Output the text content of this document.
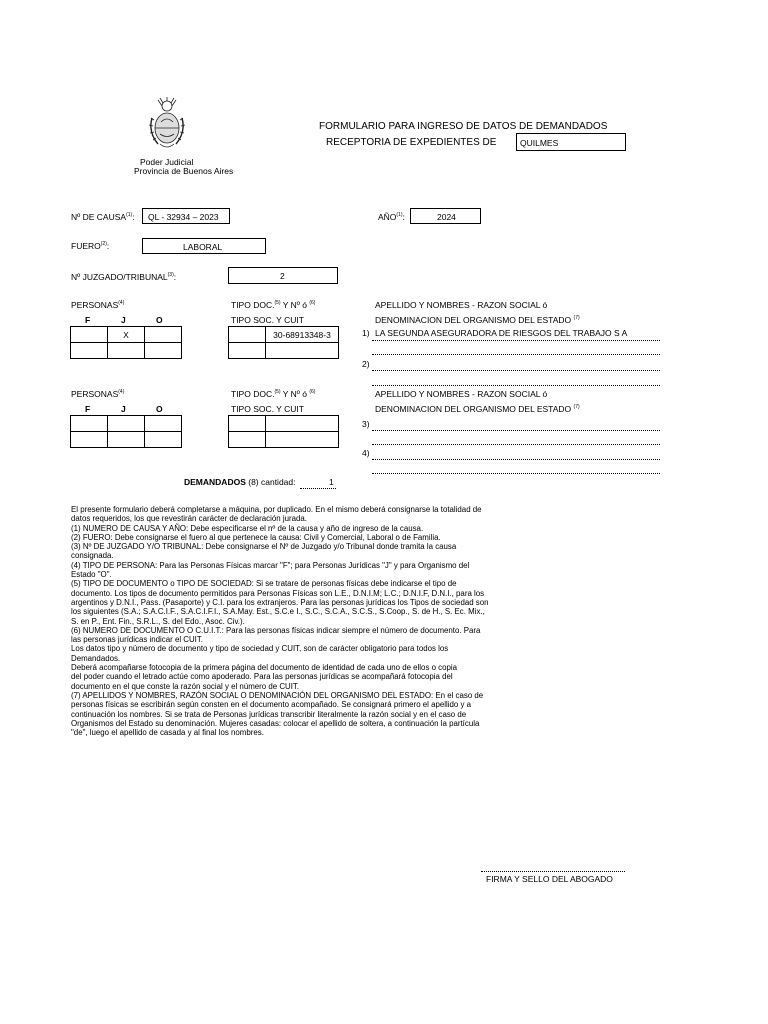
Poder Judicial
Provincia de Buenos Aires
FORMULARIO PARA INGRESO DE DATOS DE DEMANDADOS
RECEPTORIA DE EXPEDIENTES DE	QUILMES
Nº DE CAUSA$^{(1)}$: QL - 32934 – 2023	AÑO$^{(1)}$:	2024
FUERO$^{(2)}$:	LABORAL
Nº JUZGADO/TRIBUNAL$^{(3)}$:	2
PERSONAS$^{(4)}$
F	J	O
	X	

TIPO DOC.$^{(5)}$ Y Nº ó $^{(6)}$
TIPO SOC. Y CUIT
	30-68913348-3

APELLIDO Y NOMBRES - RAZON SOCIAL ó
DENOMINACION DEL ORGANISMO DEL ESTADO $^{(7)}$
1) LA SEGUNDA ASEGURADORA DE RIESGOS DEL TRABAJO S A
2)
PERSONAS$^{(4)}$
F	J	O

TIPO DOC.$^{(5)}$ Y Nº ó $^{(6)}$
TIPO SOC. Y CUIT

APELLIDO Y NOMBRES - RAZON SOCIAL ó
DENOMINACION DEL ORGANISMO DEL ESTADO $^{(7)}$
3)
4)
DEMANDADOS (8) cantidad:	1
El presente formulario deberá completarse a máquina, por duplicado. En el mismo deberá consignarse la totalidad de
datos requeridos, los que revestirán carácter de declaración jurada.
(1) NUMERO DE CAUSA Y AÑO: Debe especificarse el nº de la causa y año de ingreso de la causa.
(2) FUERO: Debe consignarse el fuero al que pertenece la causa: Civil y Comercial, Laboral o de Familia.
(3) Nº DE JUZGADO Y/O TRIBUNAL: Debe consignarse el Nº de Juzgado y/o Tribunal donde tramita la causa
consignada.
(4) TIPO DE PERSONA: Para las Personas Físicas marcar "F"; para Personas Jurídicas "J" y para Organismo del
Estado "O".
(5) TIPO DE DOCUMENTO o TIPO DE SOCIEDAD: Si se tratare de personas físicas debe indicarse el tipo de
documento. Los tipos de documento permitidos para Personas Físicas son L.E., D.N.I.M; L.C.; D.N.I.F, D.N.I., para los
argentinos y D.N.I., Pass. (Pasaporte) y C.I. para los extranjeros. Para las personas jurídicas los Tipos de sociedad son
los siguientes (S.A.; S.A.C.I.F., S.A.C.I.F.I., S.A.May. Est., S.C.e I., S.C., S.C.A., S.C.S., S.Coop., S. de H., S. Ec. Mix.,
S. en P., Ent. Fin., S.R.L., S. del Edo., Asoc. Civ.).
(6) NUMERO DE DOCUMENTO O C.U.I.T.: Para las personas físicas indicar siempre el número de documento. Para
las personas jurídicas indicar el CUIT.
Los datos tipo y número de documento y tipo de sociedad y CUIT, son de carácter obligatorio para todos los
Demandados.
Deberá acompañarse fotocopia de la primera página del documento de identidad de cada uno de ellos o copia
del poder cuando el letrado actúe como apoderado. Para las personas jurídicas se acompañará fotocopia del
documento en el que conste la razón social y el número de CUIT.
(7) APELLIDOS Y NOMBRES, RAZÓN SOCIAL O DENOMINACIÓN DEL ORGANISMO DEL ESTADO: En el caso de
personas físicas se escribirán según consten en el documento acompañado. Se consignará primero el apellido y a
continuación los nombres. Si se trata de Personas jurídicas transcribir literalmente la razón social y en el caso de
Organismos del Estado su denominación. Mujeres casadas: colocar el apellido de soltera, a continuación la partícula
"de", luego el apellido de casada y al final los nombres.
FIRMA Y SELLO DEL ABOGADO
